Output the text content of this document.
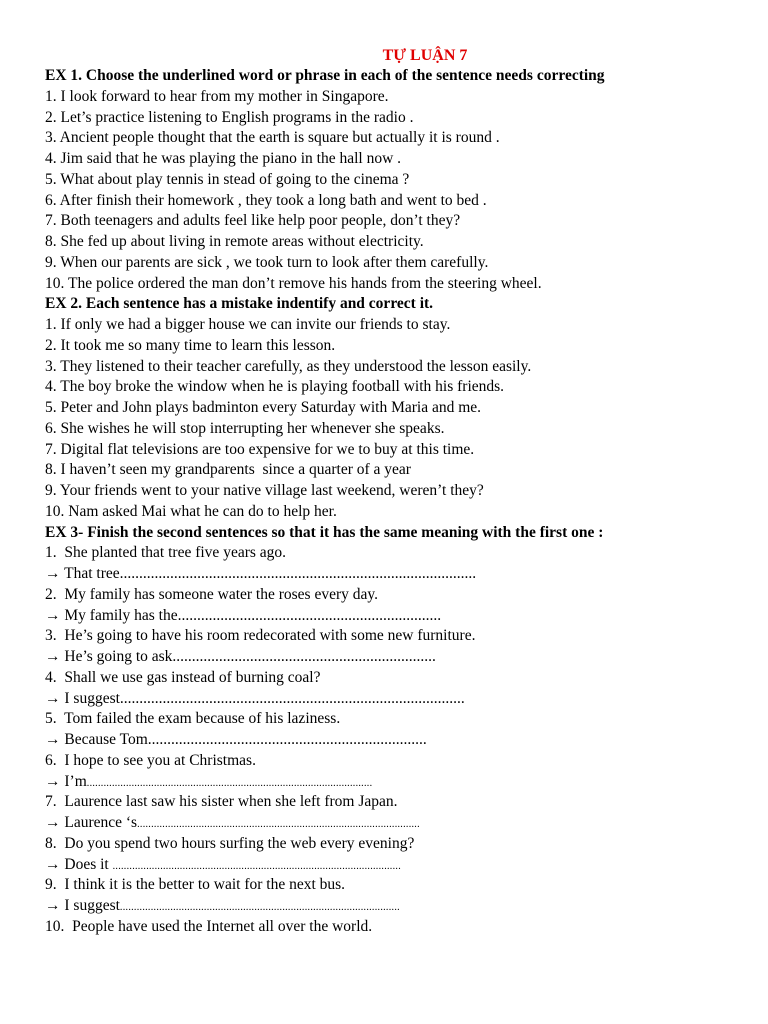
TỰ LUẬN 7
EX 1. Choose the underlined word or phrase in each of the sentence needs correcting
1. I look forward to hear from my mother in Singapore.
2. Let’s practice listening to English programs in the radio .
3. Ancient people thought that the earth is square but actually it is round .
4. Jim said that he was playing the piano in the hall now .
5. What about play tennis in stead of going to the cinema ?
6. After finish their homework , they took a long bath and went to bed .
7. Both teenagers and adults feel like help poor people, don’t they?
8. She fed up about living in remote areas without electricity.
9. When our parents are sick , we took turn to look after them carefully.
10. The police ordered the man don’t remove his hands from the steering wheel.
EX 2. Each sentence has a mistake indentify and correct it.
1. If only we had a bigger house we can invite our friends to stay.
2. It took me so many time to learn this lesson.
3. They listened to their teacher carefully, as they understood the lesson easily.
4. The boy broke the window when he is playing football with his friends.
5. Peter and John plays badminton every Saturday with Maria and me.
6. She wishes he will stop interrupting her whenever she speaks.
7. Digital flat televisions are too expensive for we to buy at this time.
8. I haven’t seen my grandparents  since a quarter of a year
9. Your friends went to your native village last weekend, weren’t they?
10. Nam asked Mai what he can do to help her.
EX 3- Finish the second sentences so that it has the same meaning with the first one :
1.  She planted that tree five years ago.
→ That tree............................................................................................
2.  My family has someone water the roses every day.
→ My family has the....................................................................
3.  He’s going to have his room redecorated with some new furniture.
→ He’s going to ask....................................................................
4.  Shall we use gas instead of burning coal?
→ I suggest.........................................................................................
5.  Tom failed the exam because of his laziness.
→ Because Tom........................................................................
6.  I hope to see you at Christmas.
→ I’m......................................................................................................
7.  Laurence last saw his sister when she left from Japan.
→ Laurence ‘s.....................................................................................................
8.  Do you spend two hours surfing the web every evening?
→ Does it .......................................................................................................
9.  I think it is the better to wait for the next bus.
→ I suggest....................................................................................................
10.  People have used the Internet all over the world.
